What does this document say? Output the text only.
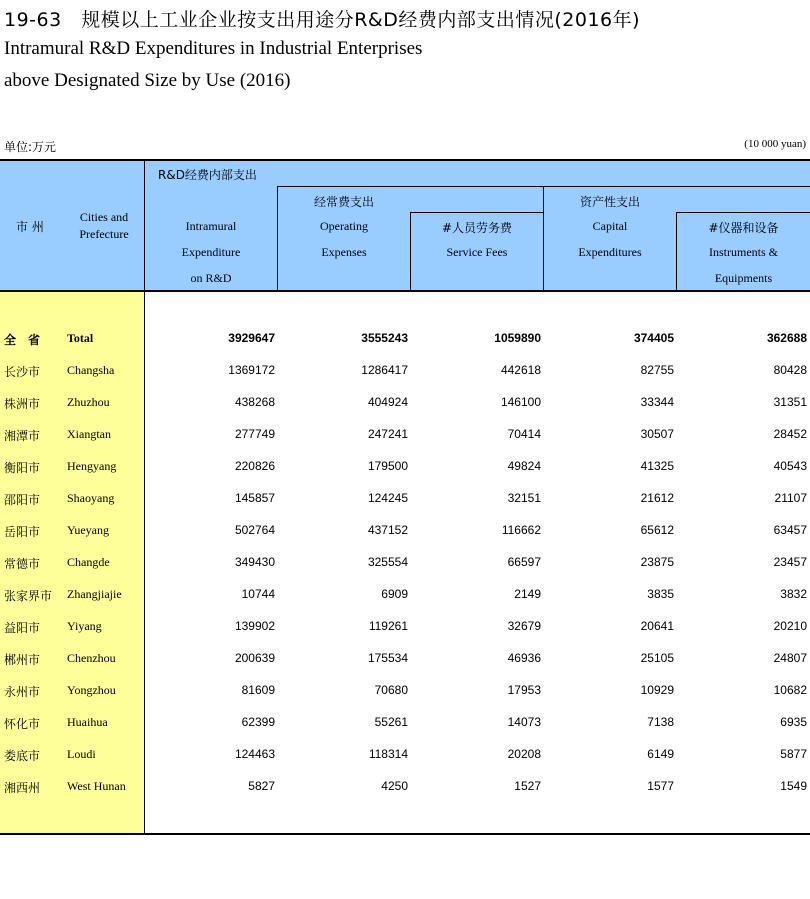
19-63　规模以上工业企业按支出用途分R&D经费内部支出情况(2016年)
Intramural R&D Expenditures in Industrial Enterprises
above Designated Size by Use (2016)
单位:万元	(10 000 yuan)
市 州
Cities and
Prefecture
R&D经费内部支出
Intramural
Expenditure
on R&D
经常费支出
Operating
Expenses
#人员劳务费
Service Fees
资产性支出
Capital
Expenditures
#仪器和设备
Instruments &
Equipments
全　省 Total	3929647	3555243	1059890	374405	362688
长沙市 Changsha	1369172	1286417	442618	82755	80428
株洲市 Zhuzhou	438268	404924	146100	33344	31351
湘潭市 Xiangtan	277749	247241	70414	30507	28452
衡阳市 Hengyang	220826	179500	49824	41325	40543
邵阳市 Shaoyang	145857	124245	32151	21612	21107
岳阳市 Yueyang	502764	437152	116662	65612	63457
常德市 Changde	349430	325554	66597	23875	23457
张家界市 Zhangjiajie	10744	6909	2149	3835	3832
益阳市 Yiyang	139902	119261	32679	20641	20210
郴州市 Chenzhou	200639	175534	46936	25105	24807
永州市 Yongzhou	81609	70680	17953	10929	10682
怀化市 Huaihua	62399	55261	14073	7138	6935
娄底市 Loudi	124463	118314	20208	6149	5877
湘西州 West Hunan	5827	4250	1527	1577	1549
